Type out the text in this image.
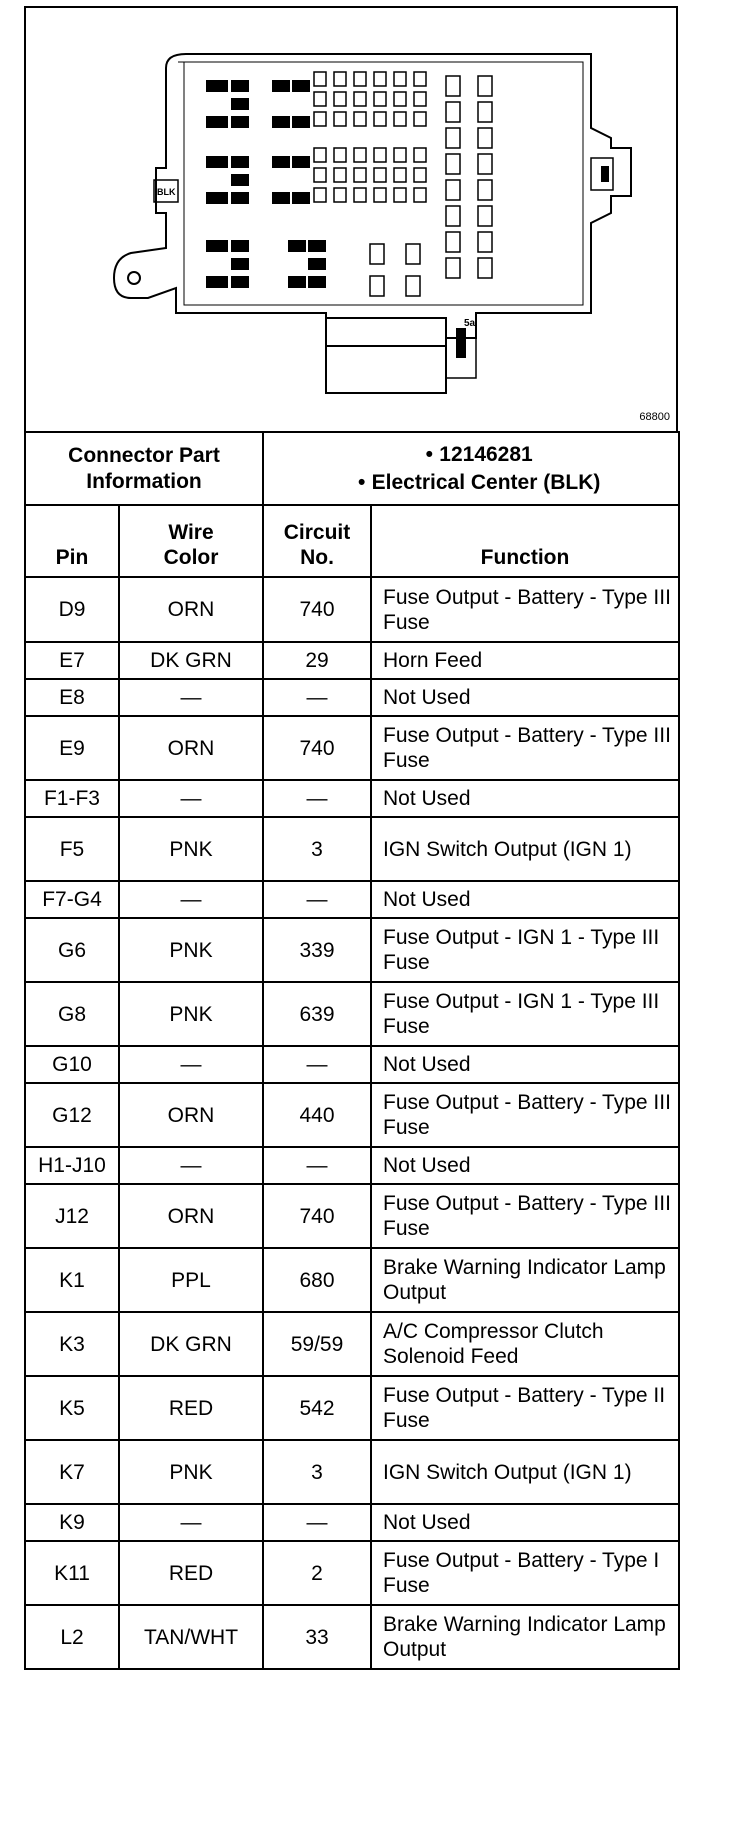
BLK
5a
68800
Connector Part Information		• 12146281
• Electrical Center (BLK)	

Pin	Wire Color	Circuit No.	Function
D9	ORN	740	Fuse Output - Battery - Type III Fuse
E7	DK GRN	29	Horn Feed
E8	—	—	Not Used
E9	ORN	740	Fuse Output - Battery - Type III Fuse
F1-F3	—	—	Not Used
F5	PNK	3	IGN Switch Output (IGN 1)
F7-G4	—	—	Not Used
G6	PNK	339	Fuse Output - IGN 1 - Type III Fuse
G8	PNK	639	Fuse Output - IGN 1 - Type III Fuse
G10	—	—	Not Used
G12	ORN	440	Fuse Output - Battery - Type III Fuse
H1-J10	—	—	Not Used
J12	ORN	740	Fuse Output - Battery - Type III Fuse
K1	PPL	680	Brake Warning Indicator Lamp Output
K3	DK GRN	59/59	A/C Compressor Clutch Solenoid Feed
K5	RED	542	Fuse Output - Battery - Type II Fuse
K7	PNK	3	IGN Switch Output (IGN 1)
K9	—	—	Not Used
K11	RED	2	Fuse Output - Battery - Type I Fuse
L2	TAN/WHT	33	Brake Warning Indicator Lamp Output
